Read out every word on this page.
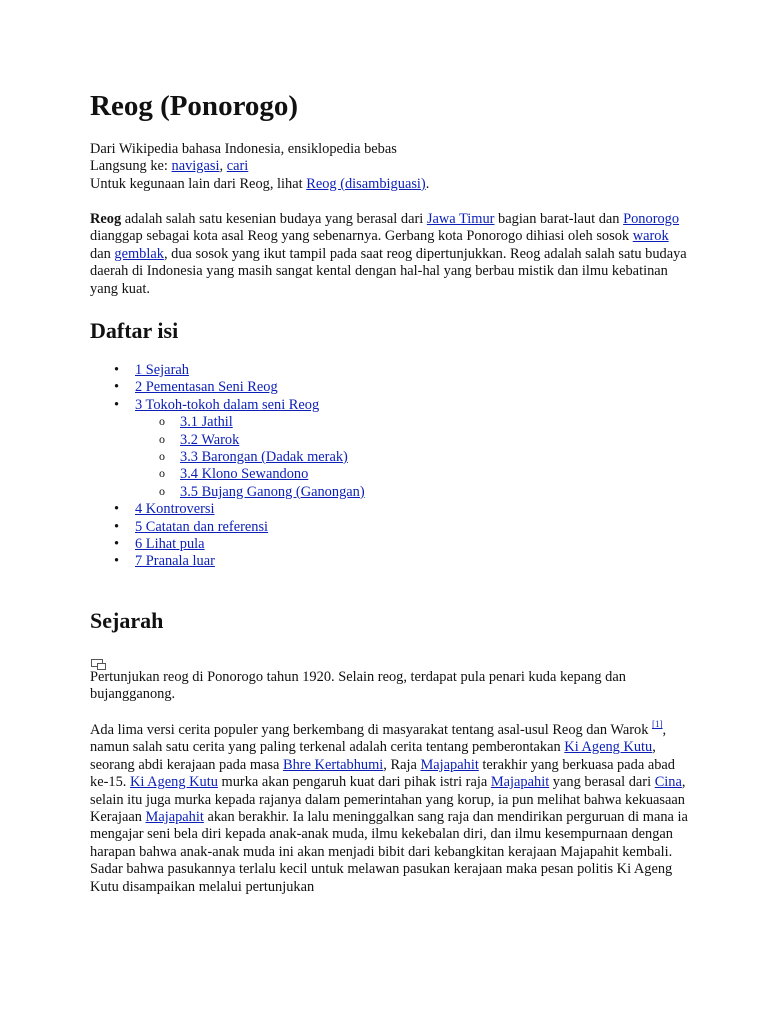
Reog (Ponorogo)

Dari Wikipedia bahasa Indonesia, ensiklopedia bebas

Langsung ke: navigasi, cari

Untuk kegunaan lain dari Reog, lihat Reog (disambiguasi).

Reog adalah salah satu kesenian budaya yang berasal dari Jawa Timur bagian barat-laut dan Ponorogo dianggap sebagai kota asal Reog yang sebenarnya. Gerbang kota Ponorogo dihiasi oleh sosok warok dan gemblak, dua sosok yang ikut tampil pada saat reog dipertunjukkan. Reog adalah salah satu budaya daerah di Indonesia yang masih sangat kental dengan hal-hal yang berbau mistik dan ilmu kebatinan yang kuat.

Daftar isi
• 1 Sejarah
• 2 Pementasan Seni Reog
• 3 Tokoh-tokoh dalam seni Reog
o 3.1 Jathil
o 3.2 Warok
o 3.3 Barongan (Dadak merak)
o 3.4 Klono Sewandono
o 3.5 Bujang Ganong (Ganongan)
• 4 Kontroversi
• 5 Catatan dan referensi
• 6 Lihat pula
• 7 Pranala luar
Sejarah

Pertunjukan reog di Ponorogo tahun 1920. Selain reog, terdapat pula penari kuda kepang dan bujangganong.

Ada lima versi cerita populer yang berkembang di masyarakat tentang asal-usul Reog dan Warok [1], namun salah satu cerita yang paling terkenal adalah cerita tentang pemberontakan Ki Ageng Kutu, seorang abdi kerajaan pada masa Bhre Kertabhumi, Raja Majapahit terakhir yang berkuasa pada abad ke-15. Ki Ageng Kutu murka akan pengaruh kuat dari pihak istri raja Majapahit yang berasal dari Cina, selain itu juga murka kepada rajanya dalam pemerintahan yang korup, ia pun melihat bahwa kekuasaan Kerajaan Majapahit akan berakhir. Ia lalu meninggalkan sang raja dan mendirikan perguruan di mana ia mengajar seni bela diri kepada anak-anak muda, ilmu kekebalan diri, dan ilmu kesempurnaan dengan harapan bahwa anak-anak muda ini akan menjadi bibit dari kebangkitan kerajaan Majapahit kembali. Sadar bahwa pasukannya terlalu kecil untuk melawan pasukan kerajaan maka pesan politis Ki Ageng Kutu disampaikan melalui pertunjukan
